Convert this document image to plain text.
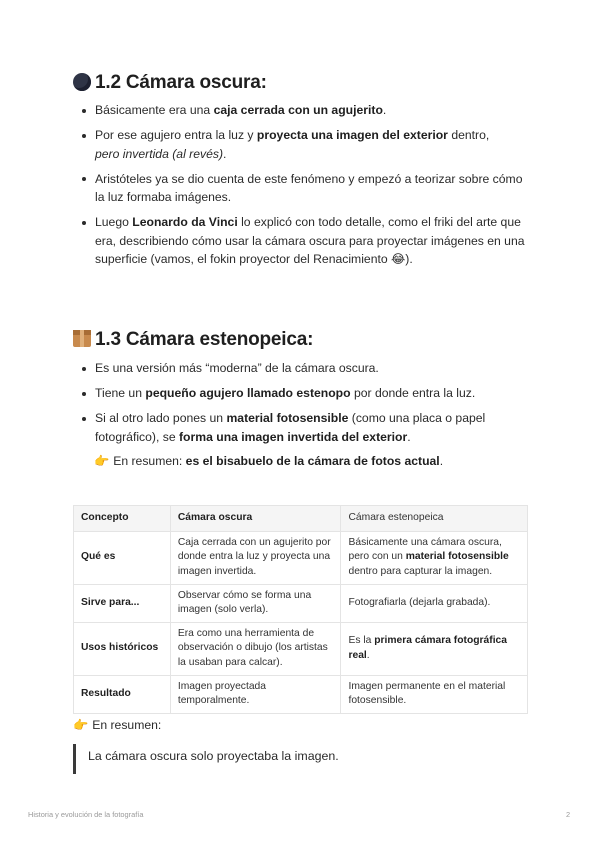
1.2 Cámara oscura:
Básicamente era una caja cerrada con un agujerito.
Por ese agujero entra la luz y proyecta una imagen del exterior dentro,
pero invertida (al revés).
Aristóteles ya se dio cuenta de este fenómeno y empezó a teorizar sobre cómo la luz formaba imágenes.
Luego Leonardo da Vinci lo explicó con todo detalle, como el friki del arte que era, describiendo cómo usar la cámara oscura para proyectar imágenes en una superficie (vamos, el fokin proyector del Renacimiento 😂).
1.3 Cámara estenopeica:
Es una versión más “moderna” de la cámara oscura.
Tiene un pequeño agujero llamado estenopo por donde entra la luz.
Si al otro lado pones un material fotosensible (como una placa o papel fotográfico), se forma una imagen invertida del exterior.
👉 En resumen: es el bisabuelo de la cámara de fotos actual.
Concepto	Cámara oscura	Cámara estenopeica
Qué es	Caja cerrada con un agujerito por donde entra la luz y proyecta una imagen invertida.	Básicamente una cámara oscura, pero con un material fotosensible dentro para capturar la imagen.
Sirve para...	Observar cómo se forma una imagen (solo verla).	Fotografiarla (dejarla grabada).
Usos históricos	Era como una herramienta de observación o dibujo (los artistas la usaban para calcar).	Es la primera cámara fotográfica real.
Resultado	Imagen proyectada temporalmente.	Imagen permanente en el material fotosensible.
👉 En resumen:
La cámara oscura solo proyectaba la imagen.
Historia y evolución de la fotografía	2
